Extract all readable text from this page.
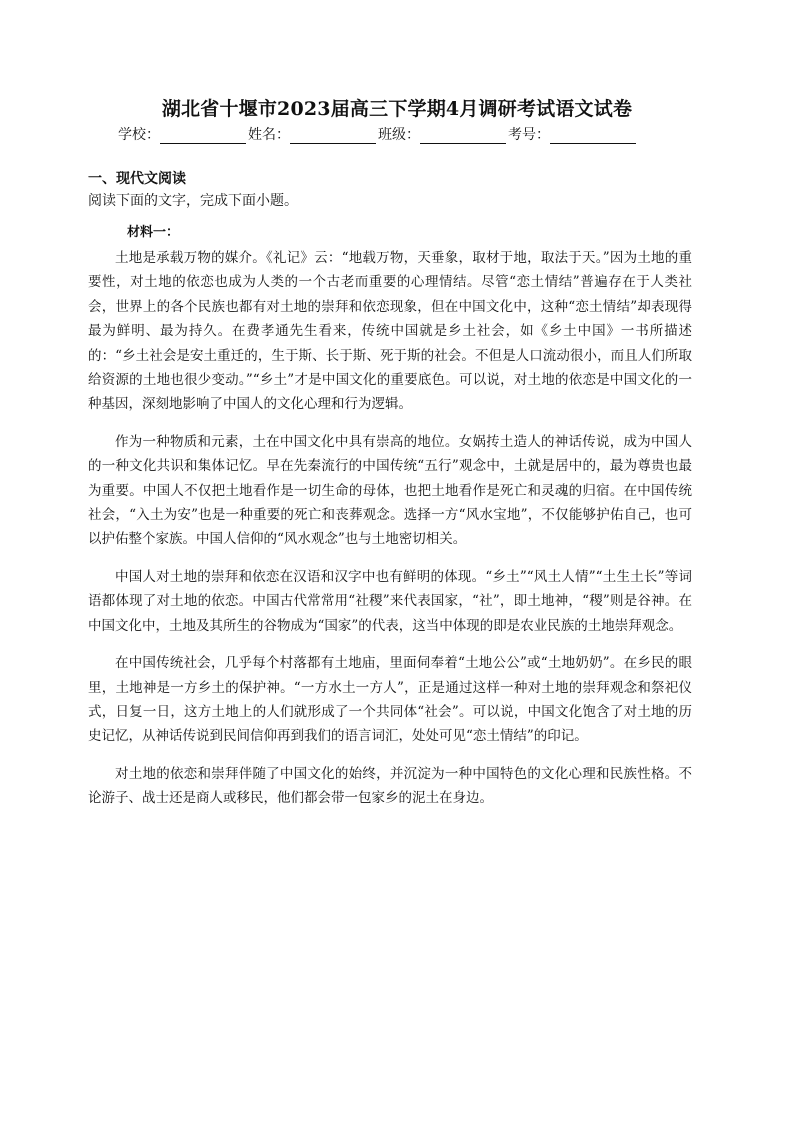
湖北省十堰市2023届高三下学期4月调研考试语文试卷
学校：	姓名：	班级：	考号：
一、现代文阅读
阅读下面的文字，完成下面小题。
材料一：

土地是承载万物的媒介。《礼记》云：“地载万物，天垂象，取材于地，取法于天。”因为土地的重要性，对土地的依恋也成为人类的一个古老而重要的心理情结。尽管“恋土情结”普遍存在于人类社会，世界上的各个民族也都有对土地的崇拜和依恋现象，但在中国文化中，这种“恋土情结”却表现得最为鲜明、最为持久。在费孝通先生看来，传统中国就是乡土社会，如《乡土中国》一书所描述的：“乡土社会是安土重迁的，生于斯、长于斯、死于斯的社会。不但是人口流动很小，而且人们所取给资源的土地也很少变动。”“乡土”才是中国文化的重要底色。可以说，对土地的依恋是中国文化的一种基因，深刻地影响了中国人的文化心理和行为逻辑。

作为一种物质和元素，土在中国文化中具有崇高的地位。女娲抟土造人的神话传说，成为中国人的一种文化共识和集体记忆。早在先秦流行的中国传统“五行”观念中，土就是居中的，最为尊贵也最为重要。中国人不仅把土地看作是一切生命的母体，也把土地看作是死亡和灵魂的归宿。在中国传统社会，“入土为安”也是一种重要的死亡和丧葬观念。选择一方“风水宝地”，不仅能够护佑自己，也可以护佑整个家族。中国人信仰的“风水观念”也与土地密切相关。

中国人对土地的崇拜和依恋在汉语和汉字中也有鲜明的体现。“乡土”“风土人情”“土生土长”等词语都体现了对土地的依恋。中国古代常常用“社稷”来代表国家，“社”，即土地神，“稷”则是谷神。在中国文化中，土地及其所生的谷物成为“国家”的代表，这当中体现的即是农业民族的土地崇拜观念。

在中国传统社会，几乎每个村落都有土地庙，里面伺奉着“土地公公”或“土地奶奶”。在乡民的眼里，土地神是一方乡土的保护神。“一方水土一方人”，正是通过这样一种对土地的崇拜观念和祭祀仪式，日复一日，这方土地上的人们就形成了一个共同体“社会”。可以说，中国文化饱含了对土地的历史记忆，从神话传说到民间信仰再到我们的语言词汇，处处可见“恋土情结”的印记。

对土地的依恋和崇拜伴随了中国文化的始终，并沉淀为一种中国特色的文化心理和民族性格。不论游子、战士还是商人或移民，他们都会带一包家乡的泥土在身边。
